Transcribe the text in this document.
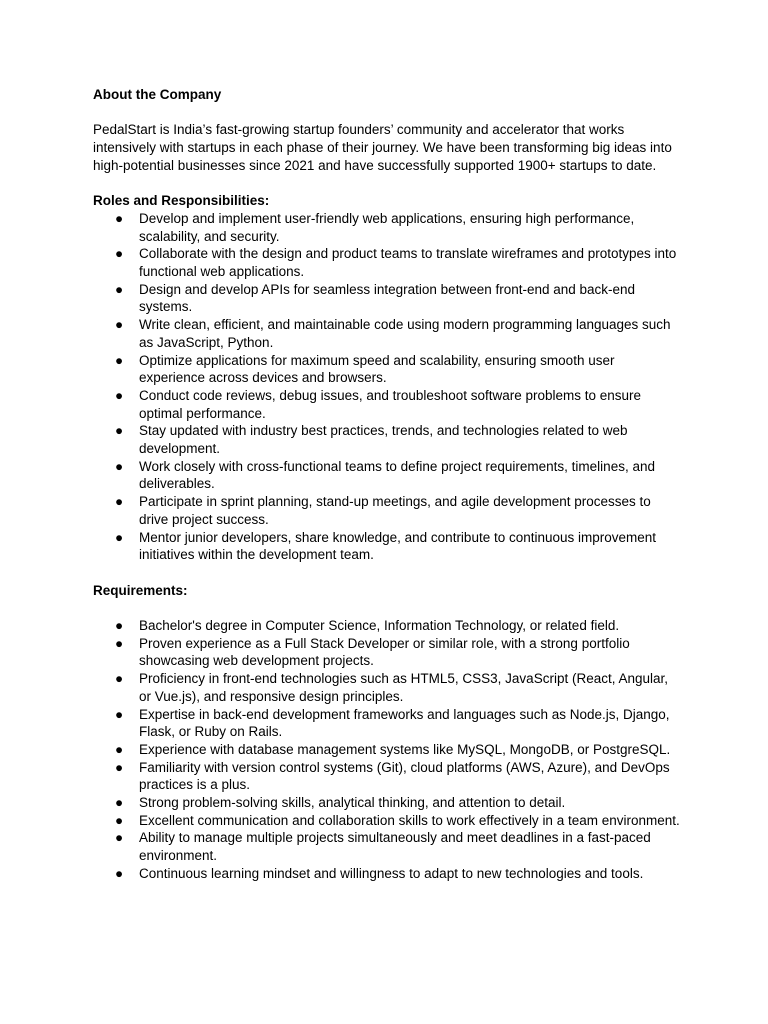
About the Company

PedalStart is India’s fast-growing startup founders’ community and accelerator that works intensively with startups in each phase of their journey. We have been transforming big ideas into high-potential businesses since 2021 and have successfully supported 1900+ startups to date.

Roles and Responsibilities:

● Develop and implement user-friendly web applications, ensuring high performance, scalability, and security.
● Collaborate with the design and product teams to translate wireframes and prototypes into functional web applications.
● Design and develop APIs for seamless integration between front-end and back-end systems.
● Write clean, efficient, and maintainable code using modern programming languages such as JavaScript, Python.
● Optimize applications for maximum speed and scalability, ensuring smooth user experience across devices and browsers.
● Conduct code reviews, debug issues, and troubleshoot software problems to ensure optimal performance.
● Stay updated with industry best practices, trends, and technologies related to web development.
● Work closely with cross-functional teams to define project requirements, timelines, and deliverables.
● Participate in sprint planning, stand-up meetings, and agile development processes to drive project success.
● Mentor junior developers, share knowledge, and contribute to continuous improvement initiatives within the development team.

Requirements:

● Bachelor's degree in Computer Science, Information Technology, or related field.
● Proven experience as a Full Stack Developer or similar role, with a strong portfolio showcasing web development projects.
● Proficiency in front-end technologies such as HTML5, CSS3, JavaScript (React, Angular, or Vue.js), and responsive design principles.
● Expertise in back-end development frameworks and languages such as Node.js, Django, Flask, or Ruby on Rails.
● Experience with database management systems like MySQL, MongoDB, or PostgreSQL.
● Familiarity with version control systems (Git), cloud platforms (AWS, Azure), and DevOps practices is a plus.
● Strong problem-solving skills, analytical thinking, and attention to detail.
● Excellent communication and collaboration skills to work effectively in a team environment.
● Ability to manage multiple projects simultaneously and meet deadlines in a fast-paced environment.
● Continuous learning mindset and willingness to adapt to new technologies and tools.
